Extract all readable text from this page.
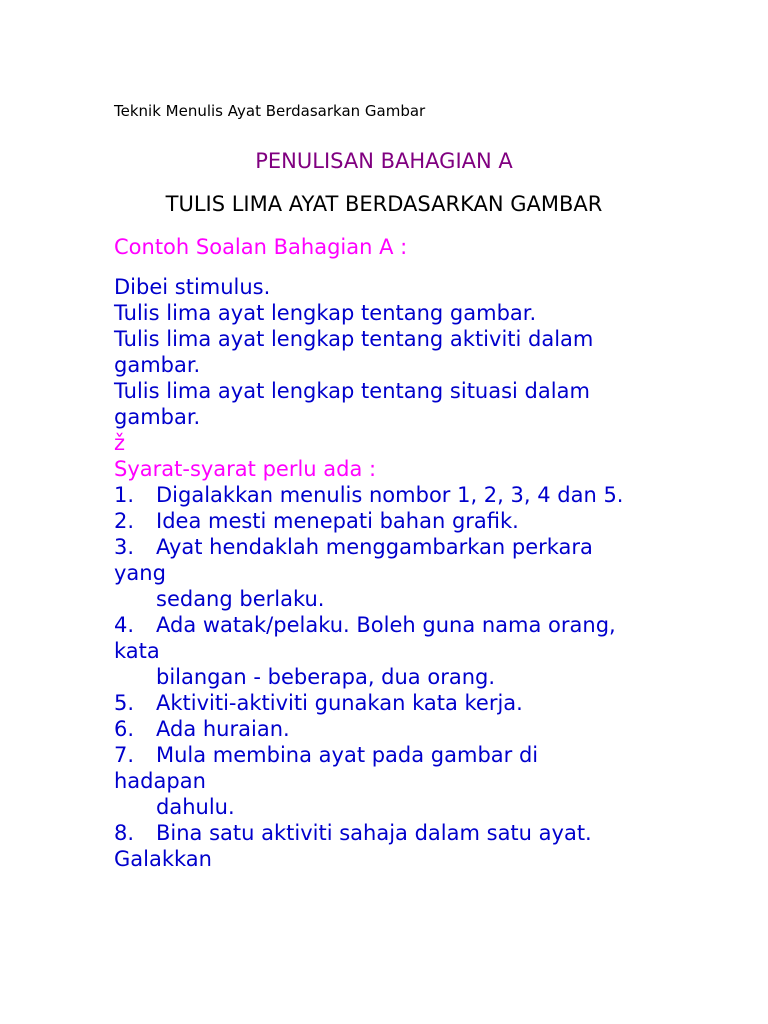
Teknik Menulis Ayat Berdasarkan Gambar
PENULISAN BAHAGIAN A
TULIS LIMA AYAT BERDASARKAN GAMBAR
Contoh Soalan Bahagian A :
Dibei stimulus.
Tulis lima ayat lengkap tentang gambar.
Tulis lima ayat lengkap tentang aktiviti dalam
gambar.
Tulis lima ayat lengkap tentang situasi dalam
gambar.
ž
Syarat-syarat perlu ada :
1. Digalakkan menulis nombor 1, 2, 3, 4 dan 5.
2. Idea mesti menepati bahan grafik.
3. Ayat hendaklah menggambarkan perkara
yang
sedang berlaku.
4. Ada watak/pelaku. Boleh guna nama orang,
kata
bilangan - beberapa, dua orang.
5. Aktiviti-aktiviti gunakan kata kerja.
6. Ada huraian.
7. Mula membina ayat pada gambar di
hadapan
dahulu.
8. Bina satu aktiviti sahaja dalam satu ayat.
Galakkan
